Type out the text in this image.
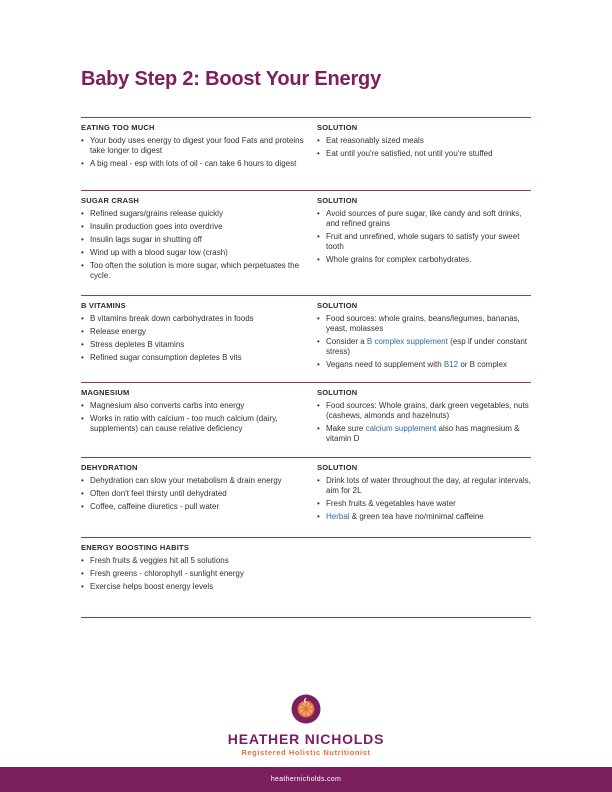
Baby Step 2: Boost Your Energy
EATING TOO MUCH
• Your body uses energy to digest your food Fats and proteins take longer to digest
• A big meal - esp with lots of oil - can take 6 hours to digest
SOLUTION
• Eat reasonably sized meals
• Eat until you're satisfied, not until you're stuffed
SUGAR CRASH
• Refined sugars/grains release quickly
• Insulin production goes into overdrive
• Insulin lags sugar in shutting off
• Wind up with a blood sugar low (crash)
• Too often the solution is more sugar, which perpetuates the cycle.
SOLUTION
• Avoid sources of pure sugar, like candy and soft drinks, and refined grains
• Fruit and unrefined, whole sugars to satisfy your sweet tooth
• Whole grains for complex carbohydrates.
B VITAMINS
• B vitamins break down carbohydrates in foods
• Release energy
• Stress depletes B vitamins
• Refined sugar consumption depletes B vits
SOLUTION
• Food sources: whole grains, beans/legumes, bananas, yeast, molasses
• Consider a B complex supplement (esp if under constant stress)
• Vegans need to supplement with B12 or B complex
MAGNESIUM
• Magnesium also converts carbs into energy
• Works in ratio with calcium - too much calcium (dairy, supplements) can cause relative deficiency
SOLUTION
• Food sources: Whole grains, dark green vegetables, nuts (cashews, almonds and hazelnuts)
• Make sure calcium supplement also has magnesium & vitamin D
DEHYDRATION
• Dehydration can slow your metabolism & drain energy
• Often don't feel thirsty until dehydrated
• Coffee, caffeine diuretics - pull water
SOLUTION
• Drink lots of water throughout the day, at regular intervals, aim for 2L
• Fresh fruits & vegetables have water
• Herbal & green tea have no/minimal caffeine
ENERGY BOOSTING HABITS
• Fresh fruits & veggies hit all 5 solutions
• Fresh greens - chlorophyll - sunlight energy
• Exercise helps boost energy levels
HEATHER NICHOLDS
Registered Holistic Nutritionist
heathernicholds.com
